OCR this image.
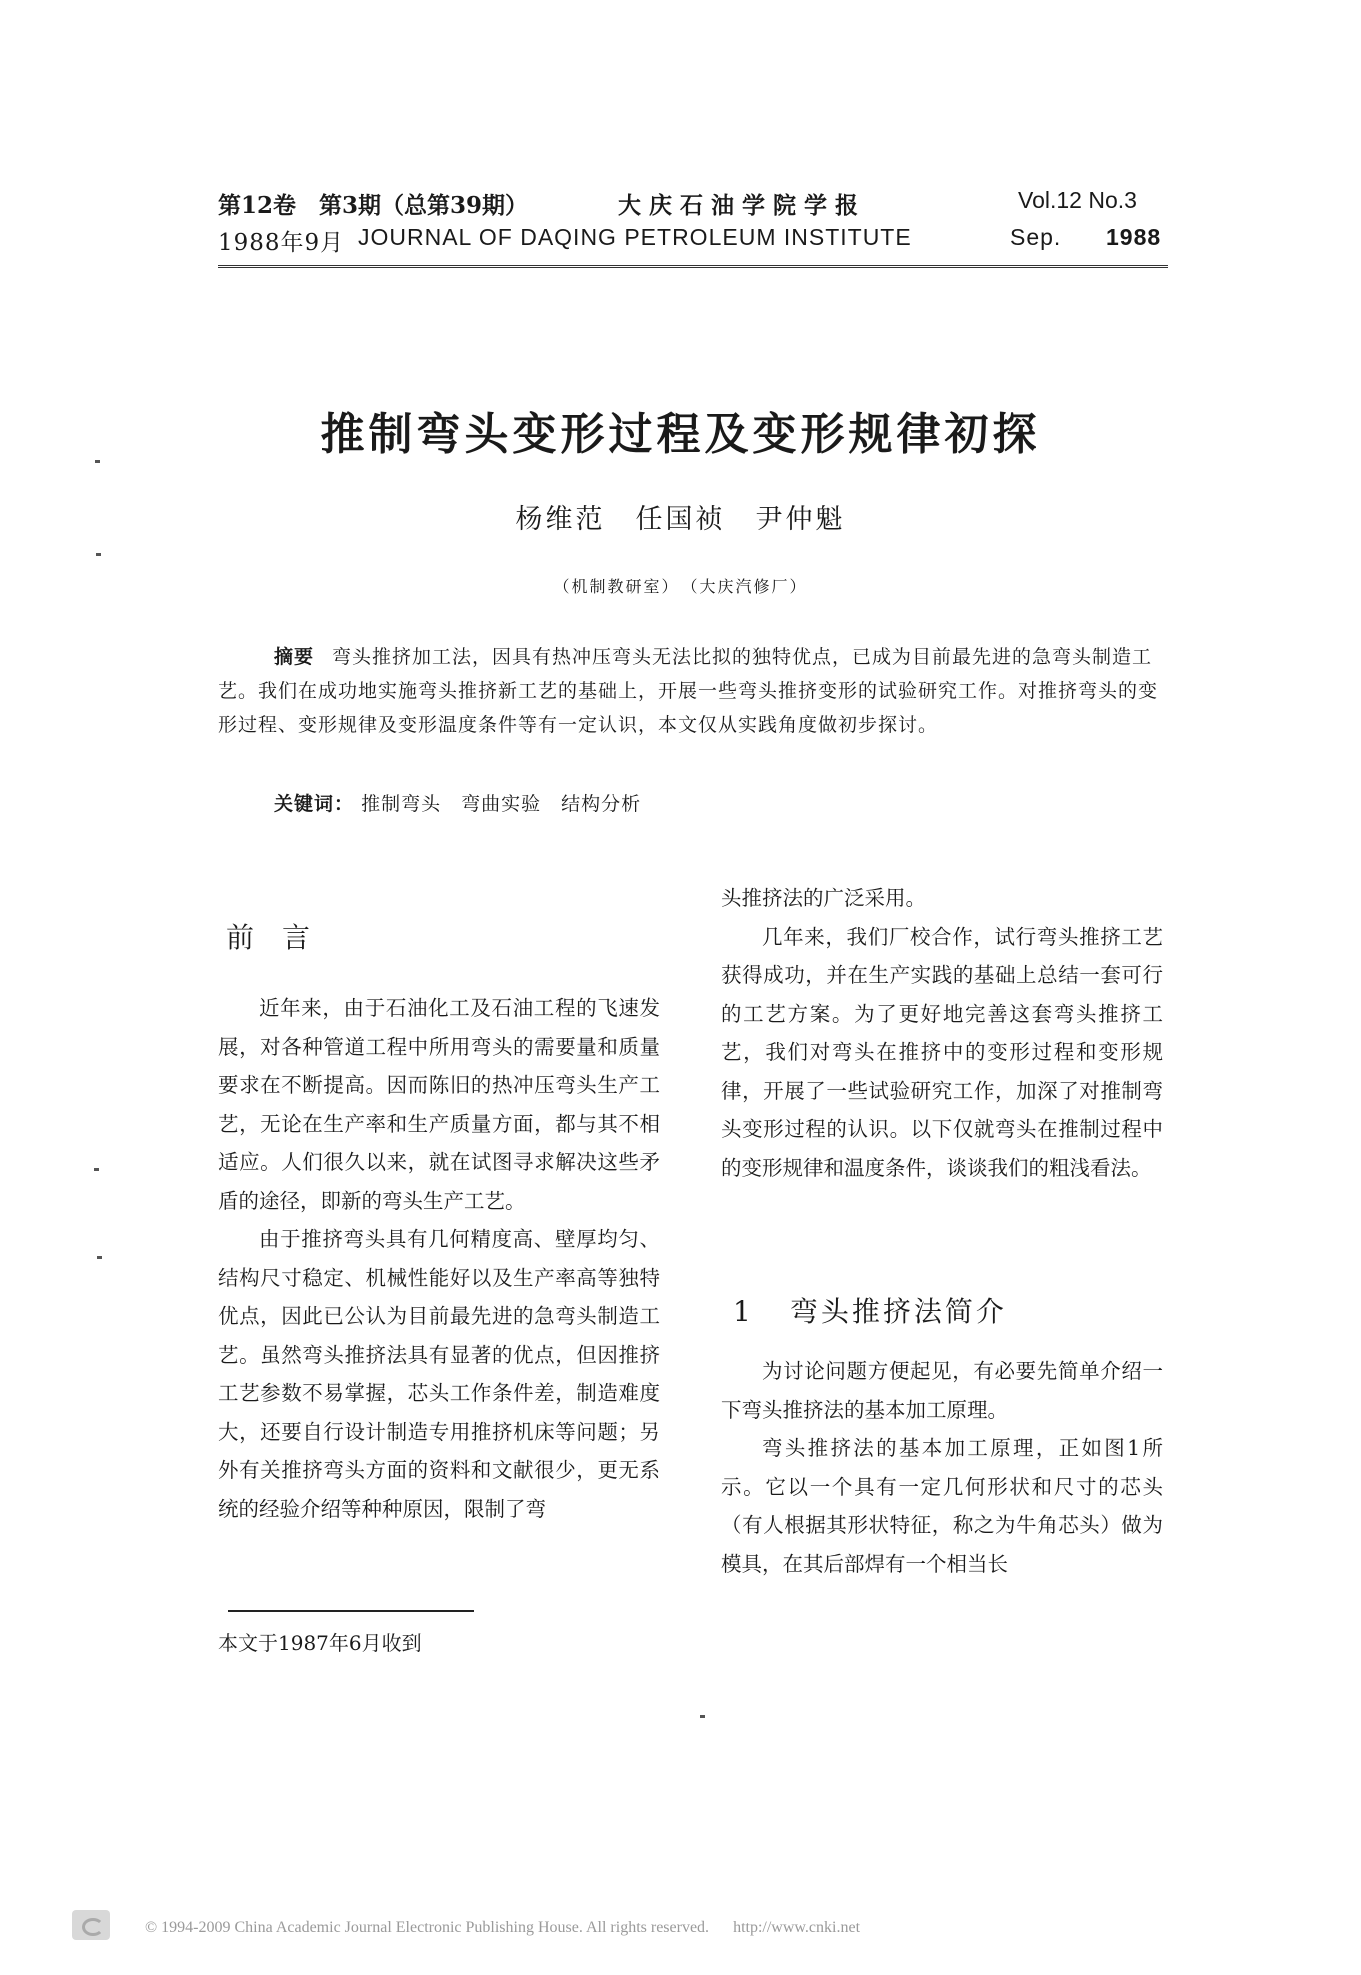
第12卷　第3期（总第39期）	大庆石油学院学报	Vol.12 No.3
1988年9月 JOURNAL OF DAQING PETROLEUM INSTITUTE	Sep. 1988
推制弯头变形过程及变形规律初探
杨维范　任国祯　尹仲魁
（机制教研室）　（大庆汽修厂）
摘要 弯头推挤加工法，因具有热冲压弯头无法比拟的独特优点，已成为目前最先进的急弯头制造工艺。我们在成功地实施弯头推挤新工艺的基础上，开展一些弯头推挤变形的试验研究工作。对推挤弯头的变形过程、变形规律及变形温度条件等有一定认识，本文仅从实践角度做初步探讨。
关键词： 推制弯头　弯曲实验　结构分析
前　言

近年来，由于石油化工及石油工程的飞速发展，对各种管道工程中所用弯头的需要量和质量要求在不断提高。因而陈旧的热冲压弯头生产工艺，无论在生产率和生产质量方面，都与其不相适应。人们很久以来，就在试图寻求解决这些矛盾的途径，即新的弯头生产工艺。

由于推挤弯头具有几何精度高、壁厚均匀、结构尺寸稳定、机械性能好以及生产率高等独特优点，因此已公认为目前最先进的急弯头制造工艺。虽然弯头推挤法具有显著的优点，但因推挤工艺参数不易掌握，芯头工作条件差，制造难度大，还要自行设计制造专用推挤机床等问题；另外有关推挤弯头方面的资料和文献很少，更无系统的经验介绍等种种原因，限制了弯

头推挤法的广泛采用。

几年来，我们厂校合作，试行弯头推挤工艺获得成功，并在生产实践的基础上总结一套可行的工艺方案。为了更好地完善这套弯头推挤工艺，我们对弯头在推挤中的变形过程和变形规律，开展了一些试验研究工作，加深了对推制弯头变形过程的认识。以下仅就弯头在推制过程中的变形规律和温度条件，谈谈我们的粗浅看法。

1 弯头推挤法简介

为讨论问题方便起见，有必要先简单介绍一下弯头推挤法的基本加工原理。

弯头推挤法的基本加工原理，正如图1所示。它以一个具有一定几何形状和尺寸的芯头（有人根据其形状特征，称之为牛角芯头）做为模具，在其后部焊有一个相当长

本文于1987年6月收到
© 1994-2009 China Academic Journal Electronic Publishing House. All rights reserved. http://www.cnki.net
